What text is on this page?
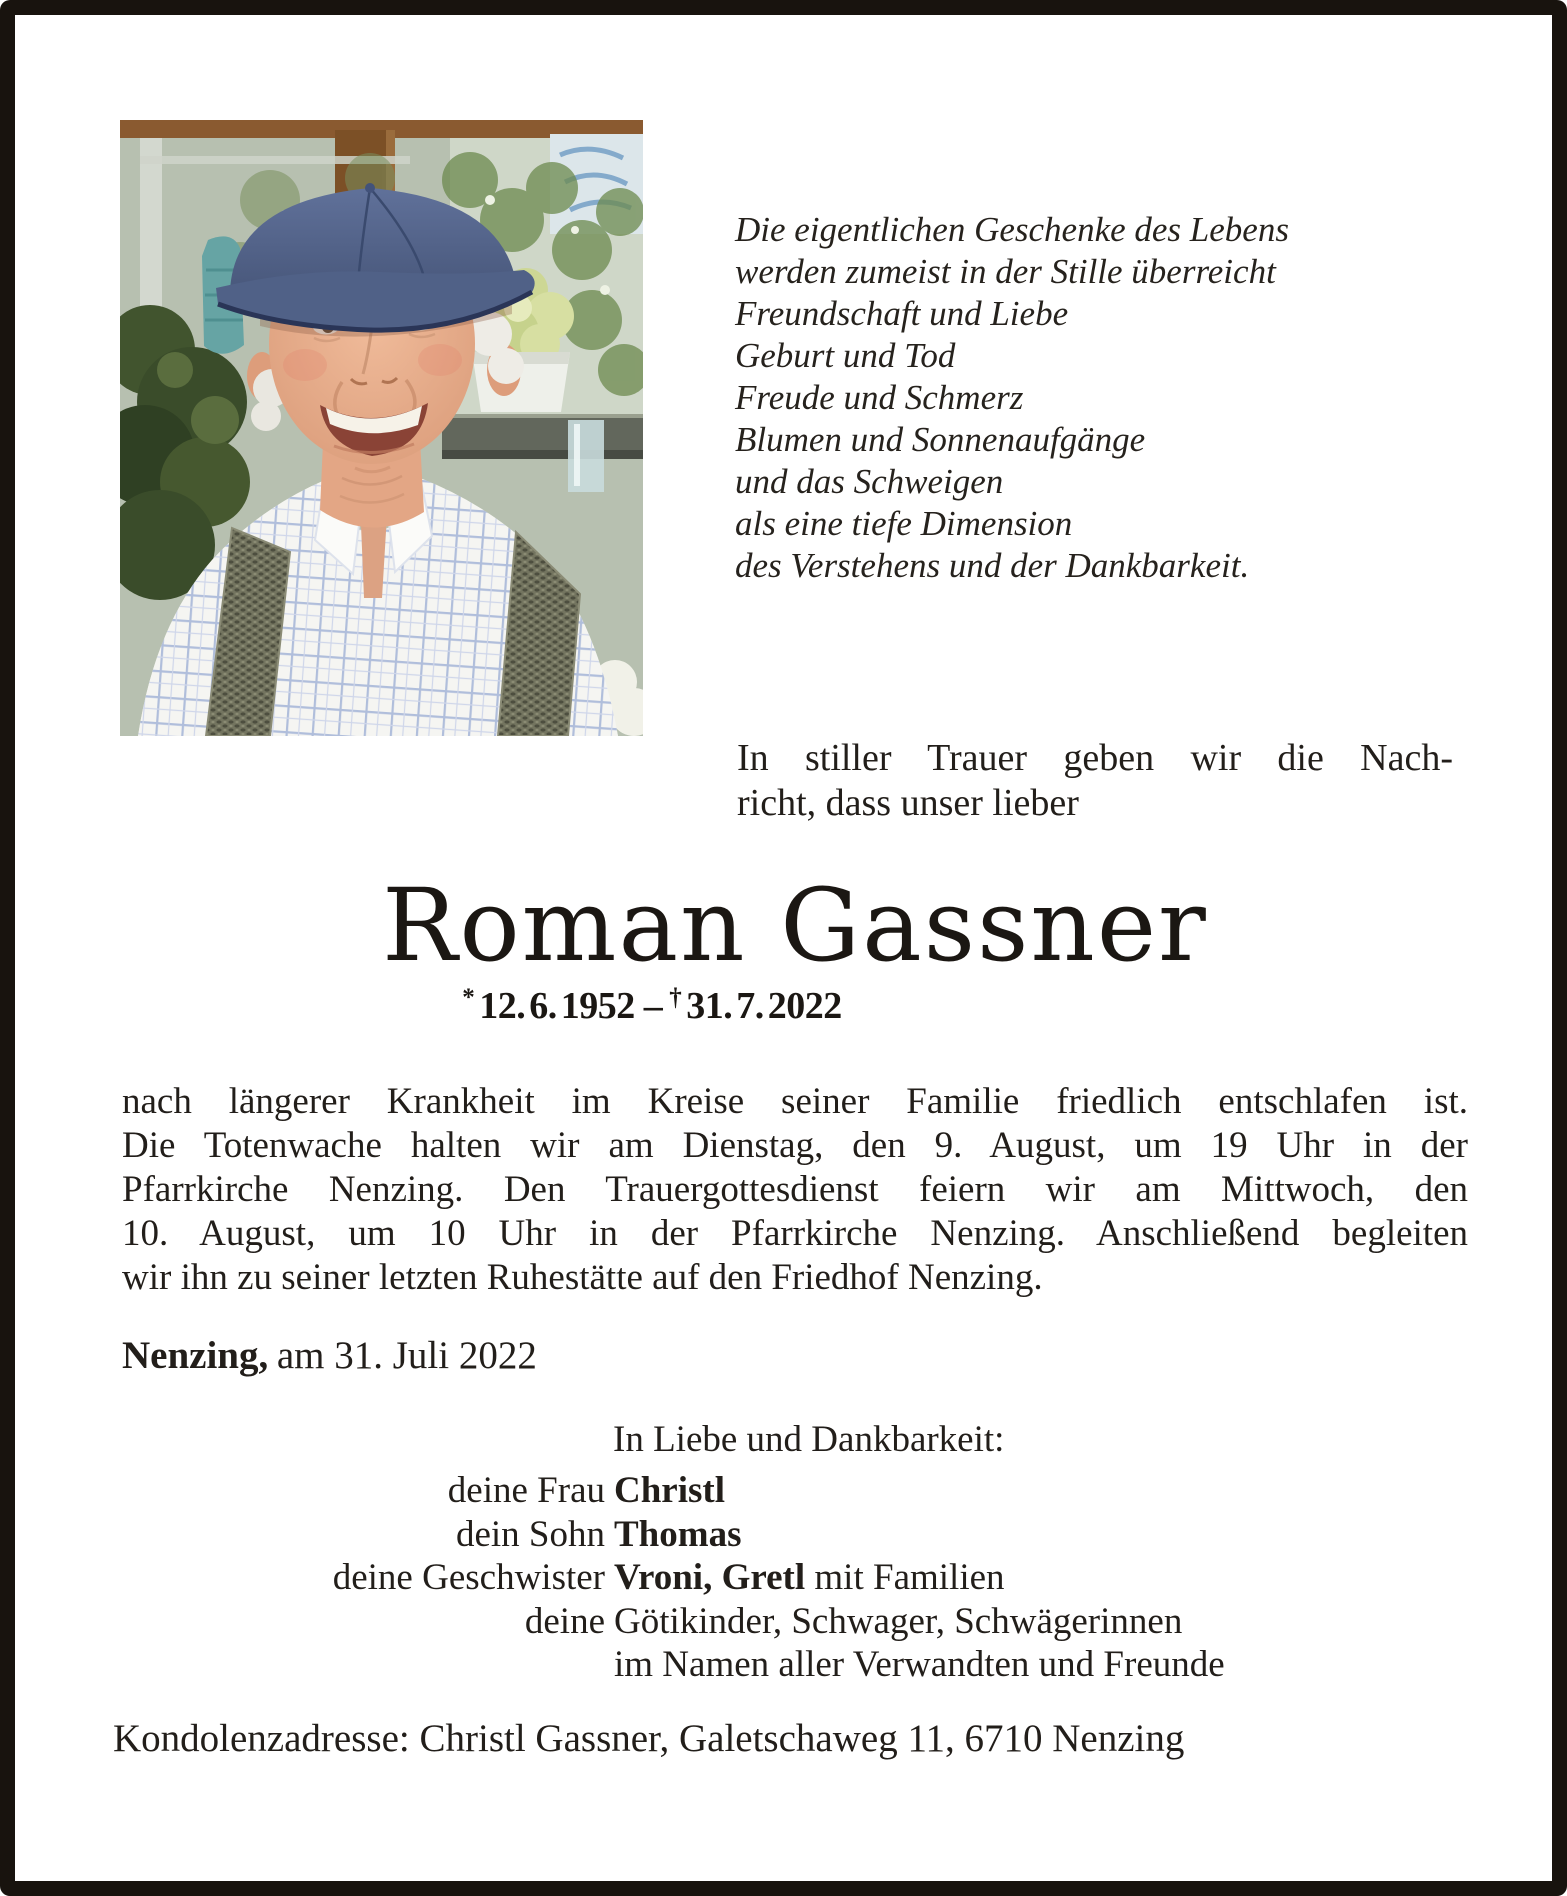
Die eigentlichen Geschenke des Lebens
werden zumeist in der Stille überreicht
Freundschaft und Liebe
Geburt und Tod
Freude und Schmerz
Blumen und Sonnenaufgänge
und das Schweigen
als eine tiefe Dimension
des Verstehens und der Dankbarkeit.
In stiller Trauer geben wir die Nach-
richt, dass unser lieber
Roman Gassner
* 12. 6. 1952 – † 31. 7. 2022
nach längerer Krankheit im Kreise seiner Familie friedlich entschlafen ist.
Die Totenwache halten wir am Dienstag, den 9. August, um 19 Uhr in der
Pfarrkirche Nenzing. Den Trauergottesdienst feiern wir am Mittwoch, den
10. August, um 10 Uhr in der Pfarrkirche Nenzing. Anschließend begleiten
wir ihn zu seiner letzten Ruhestätte auf den Friedhof Nenzing.
Nenzing, am 31. Juli 2022
In Liebe und Dankbarkeit:
deine Frau Christl
dein Sohn Thomas
deine Geschwister Vroni, Gretl mit Familien
deine Götikinder, Schwager, Schwägerinnen
im Namen aller Verwandten und Freunde
Kondolenzadresse: Christl Gassner, Galetschaweg 11, 6710 Nenzing
